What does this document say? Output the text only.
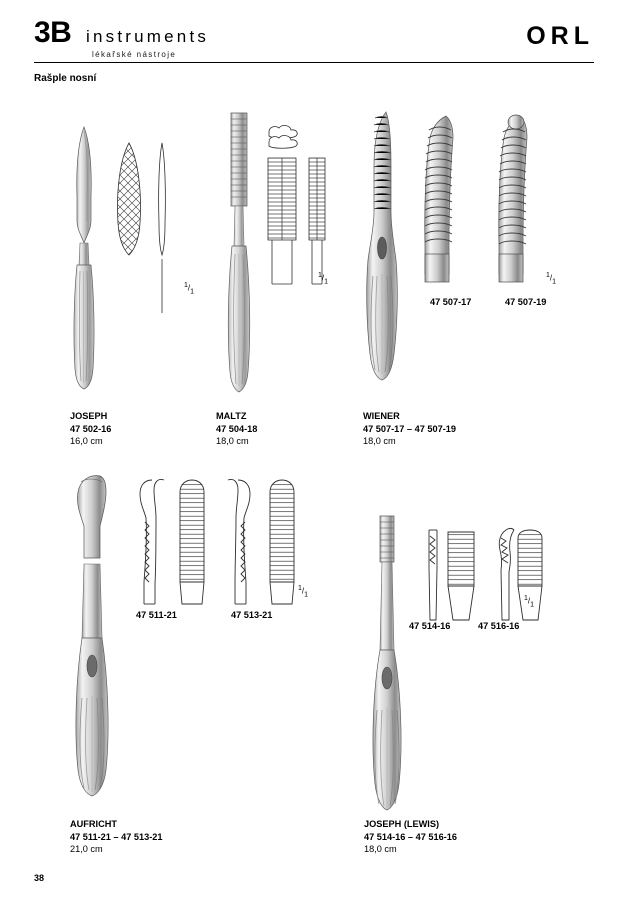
3B instruments
lékařské nástroje
ORL
Rašple nosní
$^1/_1$
JOSEPH
47 502-16
16,0 cm
$^1/_1$
MALTZ
47 504-18
18,0 cm
47 507-17	47 507-19
$^1/_1$
WIENER
47 507-17 – 47 507-19
18,0 cm
47 511-21	47 513-21
$^1/_1$
AUFRICHT
47 511-21 – 47 513-21
21,0 cm
47 514-16	47 516-16
$^1/_1$
JOSEPH (LEWIS)
47 514-16 – 47 516-16
18,0 cm
38
